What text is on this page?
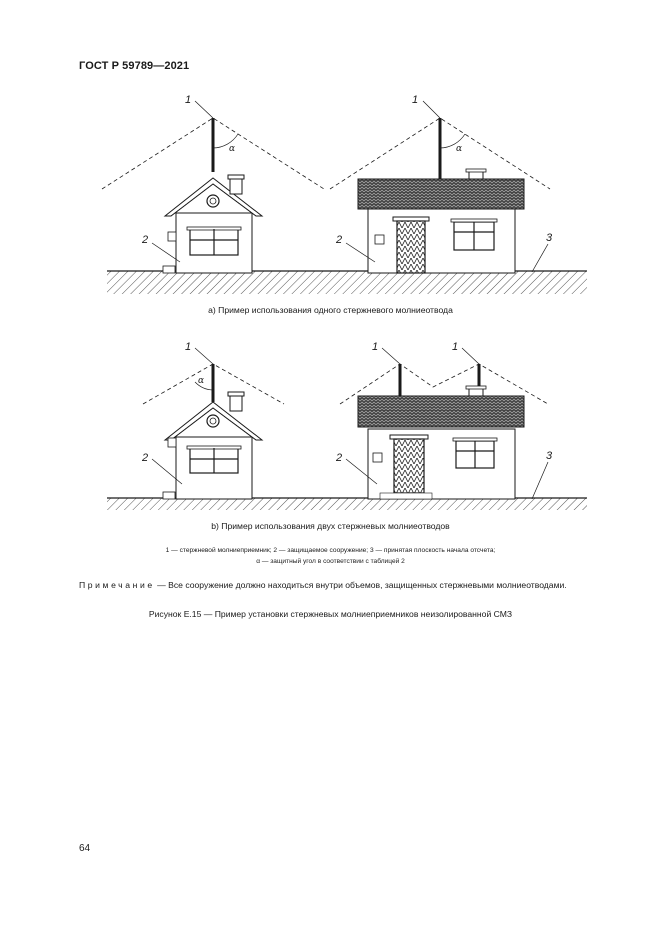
ГОСТ Р 59789—2021
α	α
1	1
2	2	3
а) Пример использования одного стержневого молниеотвода
α
1	1	1
2	2	3
b) Пример использования двух стержневых молниеотводов
1 — стержневой молниеприемник; 2 — защищаемое сооружение; 3 — принятая плоскость начала отсчета;
α — защитный угол в соответствии с таблицей 2
Примечание — Все сооружение должно находиться внутри объемов, защищенных стержневыми молниеотводами.
Рисунок Е.15 — Пример установки стержневых молниеприемников неизолированной СМЗ
64
